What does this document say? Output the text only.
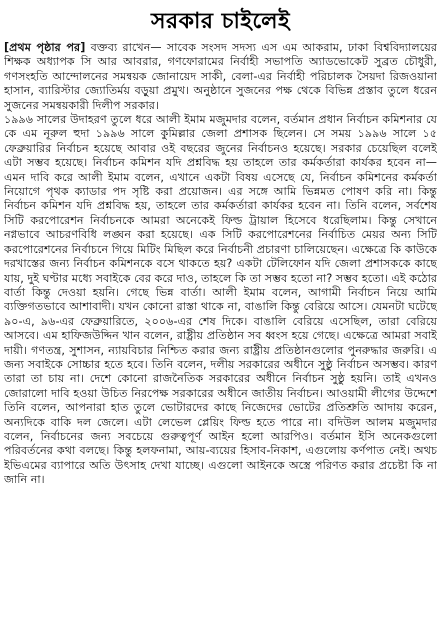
সরকার চাইলেই

[প্রথম পৃষ্ঠার পর] বক্তব্য রাখেন— সাবেক সংসদ সদস্য এস এম আকরাম, ঢাকা বিশ্ববিদ্যালয়ের শিক্ষক অধ্যাপক সি আর আবরার, গণফোরামের নির্বাহী সভাপতি অ্যাডভোকেট সুব্রত চৌধুরী, গণসংহতি আন্দোলনের সমন্বয়ক জোনায়েদ সাকী, বেলা-এর নির্বাহী পরিচালক সৈয়দা রিজওয়ানা হাসান, ব্যারিস্টার জ্যোতির্ময় বড়ুয়া প্রমুখ। অনুষ্ঠানে সুজনের পক্ষ থেকে বিভিন্ন প্রস্তাব তুলে ধরেন সুজনের সমন্বয়কারী দিলীপ সরকার।

১৯৯৬ সালের উদাহরণ তুলে ধরে আলী ইমাম মজুমদার বলেন, বর্তমান প্রধান নির্বাচন কমিশনার যে কে এম নূরুল হুদা ১৯৯৬ সালে কুমিল্লার জেলা প্রশাসক ছিলেন। সে সময় ১৯৯৬ সালে ১৫ ফেব্রুয়ারির নির্বাচন হয়েছে আবার ওই বছরের জুনের নির্বাচনও হয়েছে। সরকার চেয়েছিল বলেই এটা সম্ভব হয়েছে। নির্বাচন কমিশন যদি প্রশ্নবিদ্ধ হয় তাহলে তার কর্মকর্তারা কার্যকর হবেন না— এমন দাবি করে আলী ইমাম বলেন, এখানে একটা বিষয় এসেছে যে, নির্বাচন কমিশনের কর্মকর্তা নিয়োগে পৃথক ক্যাডার পদ সৃষ্টি করা প্রয়োজন। এর সঙ্গে আমি ভিন্নমত পোষণ করি না। কিন্তু নির্বাচন কমিশন যদি প্রশ্নবিদ্ধ হয়, তাহলে তার কর্মকর্তারা কার্যকর হবেন না। তিনি বলেন, সর্বশেষ সিটি করপোরেশন নির্বাচনকে আমরা অনেকেই ফিল্ড ট্রায়াল হিসেবে ধরেছিলাম। কিন্তু সেখানে নগ্নভাবে আচরণবিধি লঙ্ঘন করা হয়েছে। এক সিটি করপোরেশনের নির্বাচিত মেয়র অন্য সিটি করপোরেশনের নির্বাচনে গিয়ে মিটিং মিছিল করে নির্বাচনী প্রচারণা চালিয়েছেন। এক্ষেত্রে কি কাউকে দরখাস্তের জন্য নির্বাচন কমিশনকে বসে থাকতে হয়? একটা টেলিফোন যদি জেলা প্রশাসককে কাছে যায়, দুই ঘণ্টার মধ্যে সবাইকে বের করে দাও, তাহলে কি তা সম্ভব হতো না? সম্ভব হতো। এই কঠোর বার্তা কিন্তু দেওয়া হয়নি। গেছে ভিন্ন বার্তা। আলী ইমাম বলেন, আগামী নির্বাচন নিয়ে আমি ব্যক্তিগতভাবে আশাবাদী। যখন কোনো রাস্তা থাকে না, বাঙালি কিন্তু বেরিয়ে আসে। যেমনটা ঘটেছে ৯০-এ, ৯৬-এর ফেব্রুয়ারিতে, ২০০৬-এর শেষ দিকে। বাঙালি বেরিয়ে এসেছিল, তারা বেরিয়ে আসবে। এম হাফিজউদ্দিন খান বলেন, রাষ্ট্রীয় প্রতিষ্ঠান সব ধ্বংস হয়ে গেছে। এক্ষেত্রে আমরা সবাই দায়ী। গণতন্ত্র, সুশাসন, ন্যায়বিচার নিশ্চিত করার জন্য রাষ্ট্রীয় প্রতিষ্ঠানগুলোর পুনরুদ্ধার জরুরি। এ জন্য সবাইকে সোচ্চার হতে হবে। তিনি বলেন, দলীয় সরকারের অধীনে সুষ্ঠু নির্বাচন অসম্ভব। কারণ তারা তা চায় না। দেশে কোনো রাজনৈতিক সরকারের অধীনে নির্বাচন সুষ্ঠু হয়নি। তাই এখনও জোরালো দাবি হওয়া উচিত নিরপেক্ষ সরকারের অধীনে জাতীয় নির্বাচন। আওয়ামী লীগের উদ্দেশে তিনি বলেন, আপনারা হাত তুলে ভোটারদের কাছে নিজেদের ভোটের প্রতিশ্রুতি আদায় করেন, অন্যদিকে বাকি দল জেলে। এটা লেভেল প্লেয়িং ফিল্ড হতে পারে না। বদিউল আলম মজুমদার বলেন, নির্বাচনের জন্য সবচেয়ে গুরুত্বপূর্ণ আইন হলো আরপিও। বর্তমান ইসি অনেকগুলো পরিবর্তনের কথা বলছে। কিন্তু হলফনামা, আয়-ব্যয়ের হিসাব-নিকাশ, এগুলোয় কর্ণপাত নেই। অথচ ইভিএমের ব্যাপারে অতি উৎসাহ দেখা যাচ্ছে। এগুলো আইনকে অস্ত্রে পরিণত করার প্রচেষ্টা কি না জানি না।
